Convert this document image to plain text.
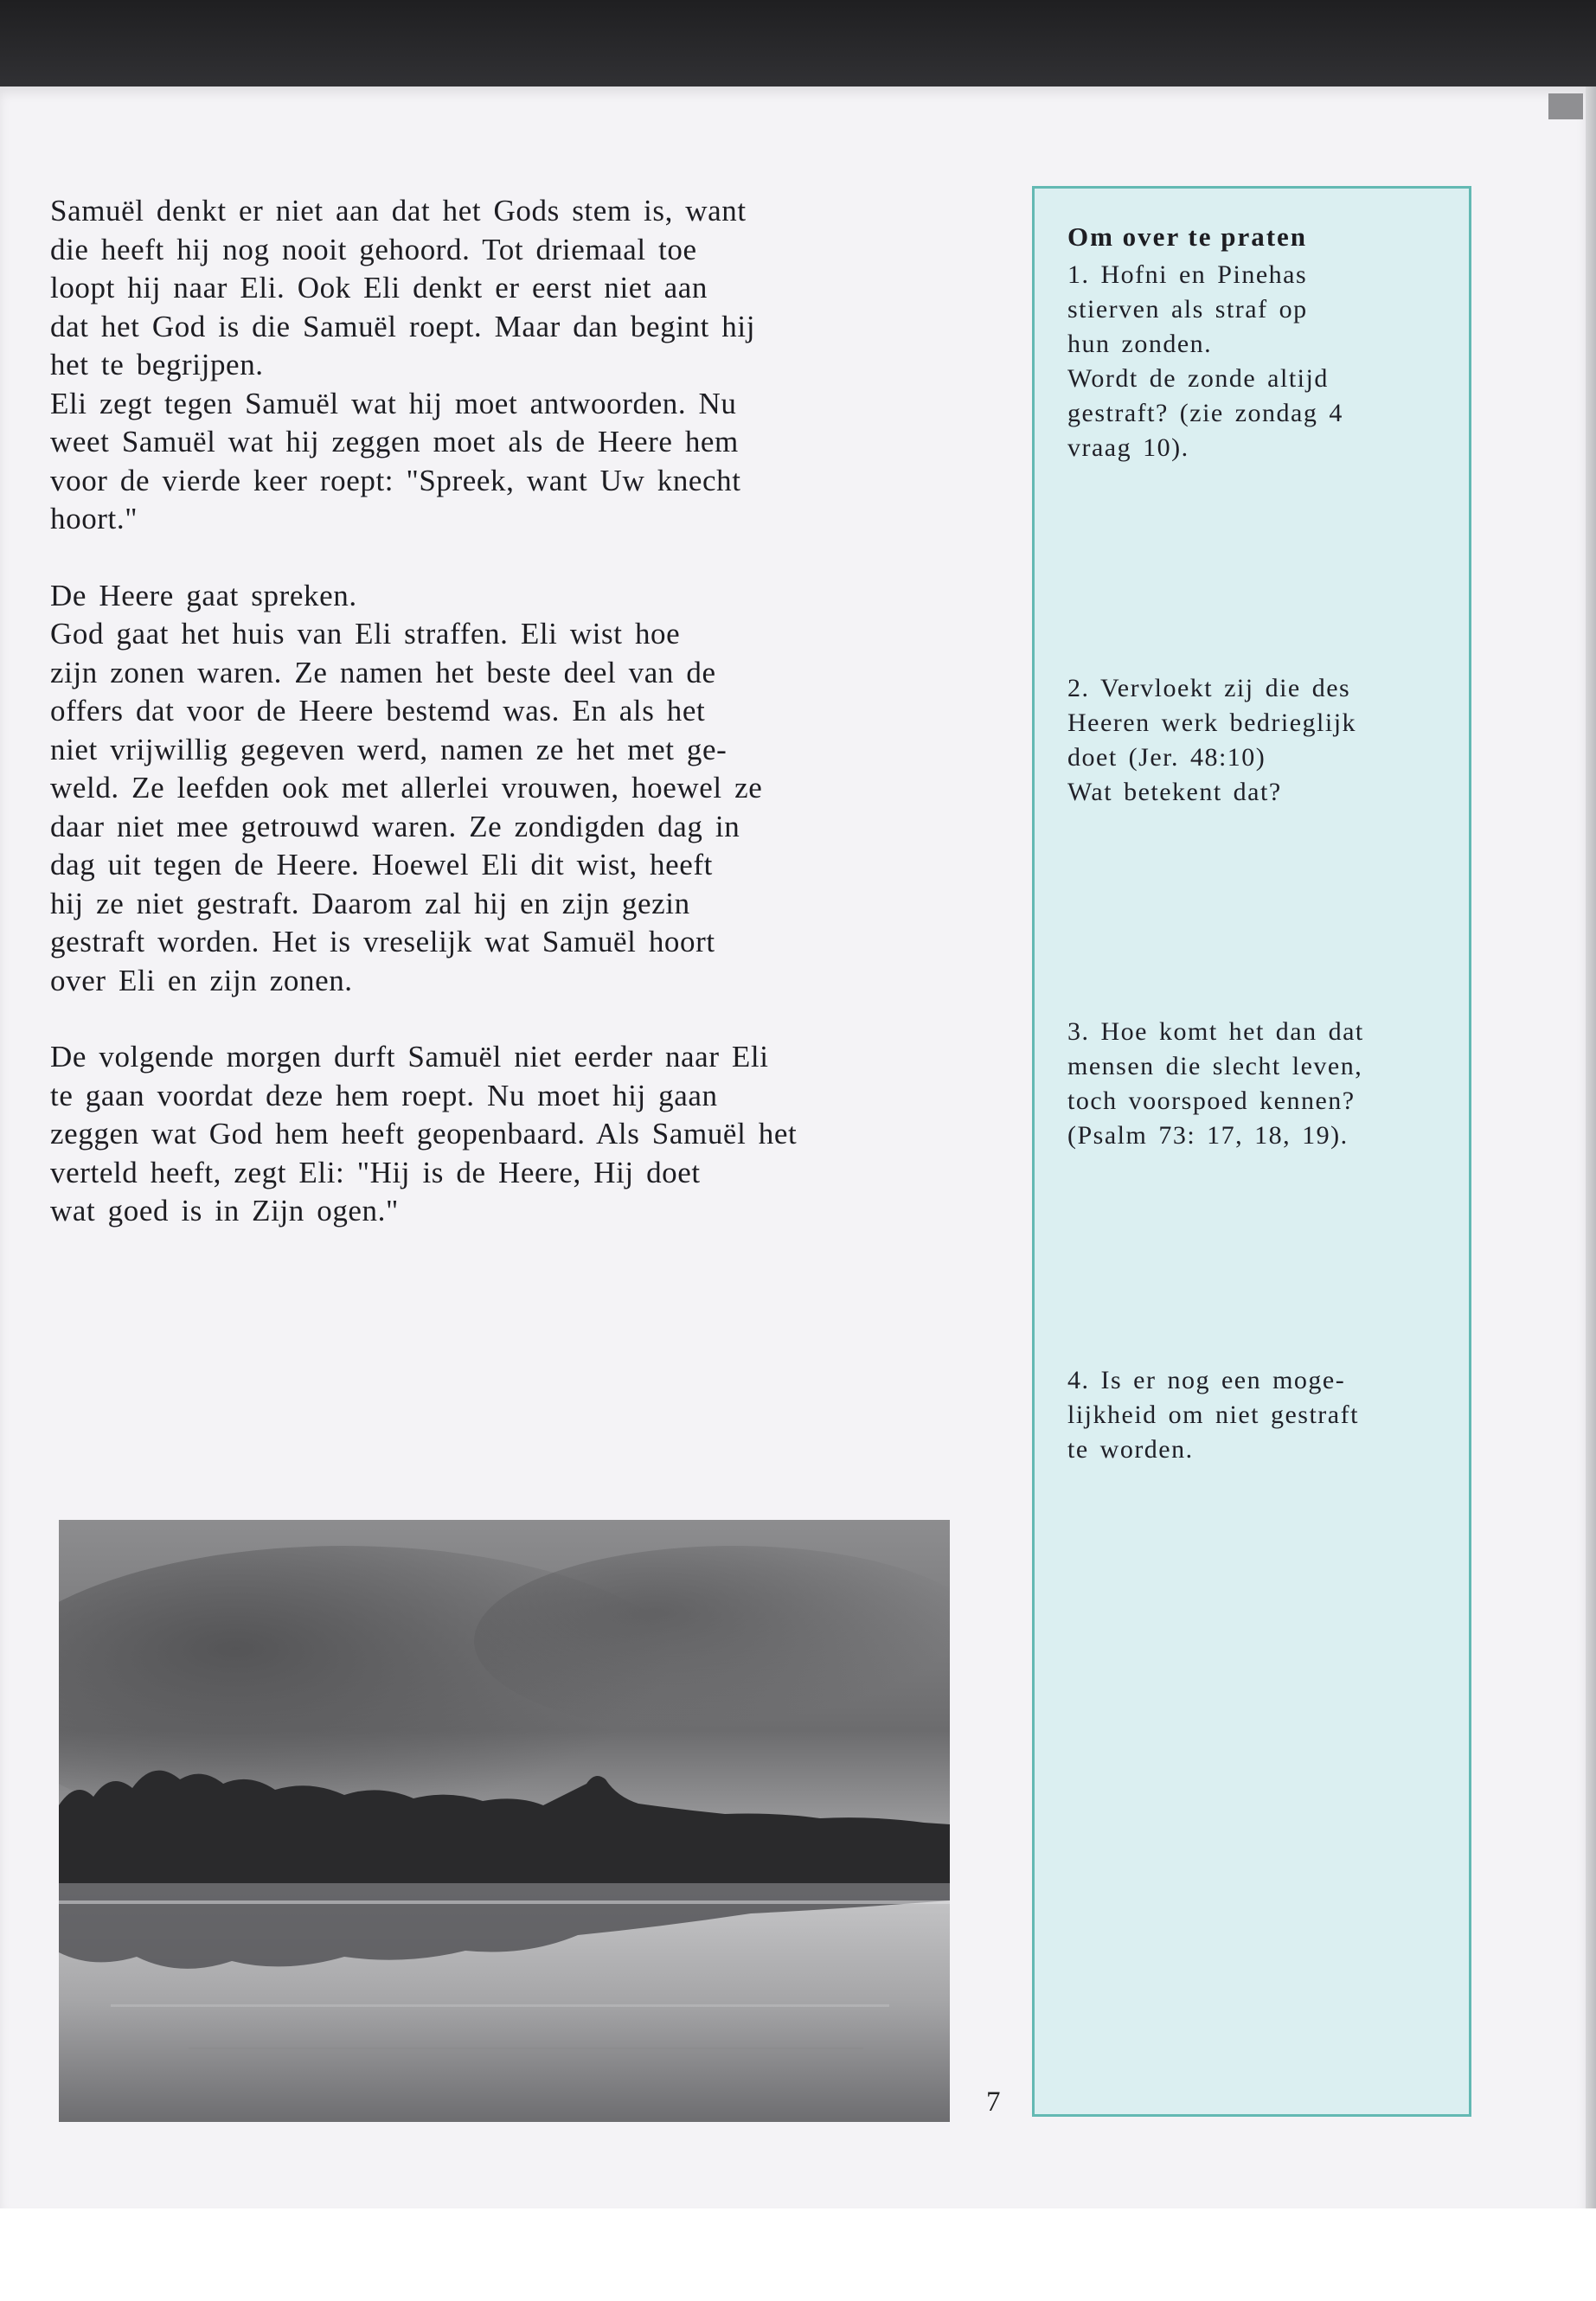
Samuël denkt er niet aan dat het Gods stem is, want
die heeft hij nog nooit gehoord. Tot driemaal toe
loopt hij naar Eli. Ook Eli denkt er eerst niet aan
dat het God is die Samuël roept. Maar dan begint hij
het te begrijpen.
Eli zegt tegen Samuël wat hij moet antwoorden. Nu
weet Samuël wat hij zeggen moet als de Heere hem
voor de vierde keer roept: "Spreek, want Uw knecht
hoort."

De Heere gaat spreken.
God gaat het huis van Eli straffen. Eli wist hoe
zijn zonen waren. Ze namen het beste deel van de
offers dat voor de Heere bestemd was. En als het
niet vrijwillig gegeven werd, namen ze het met ge-
weld. Ze leefden ook met allerlei vrouwen, hoewel ze
daar niet mee getrouwd waren. Ze zondigden dag in
dag uit tegen de Heere. Hoewel Eli dit wist, heeft
hij ze niet gestraft. Daarom zal hij en zijn gezin
gestraft worden. Het is vreselijk wat Samuël hoort
over Eli en zijn zonen.

De volgende morgen durft Samuël niet eerder naar Eli
te gaan voordat deze hem roept. Nu moet hij gaan
zeggen wat God hem heeft geopenbaard. Als Samuël het
verteld heeft, zegt Eli: "Hij is de Heere, Hij doet
wat goed is in Zijn ogen."

Om over te praten
1. Hofni en Pinehas
stierven als straf op
hun zonden.
Wordt de zonde altijd
gestraft? (zie zondag 4
vraag 10).
2. Vervloekt zij die des
Heeren werk bedrieglijk
doet (Jer. 48:10)
Wat betekent dat?
3. Hoe komt het dan dat
mensen die slecht leven,
toch voorspoed kennen?
(Psalm 73: 17, 18, 19).
4. Is er nog een moge-
lijkheid om niet gestraft
te worden.
7
